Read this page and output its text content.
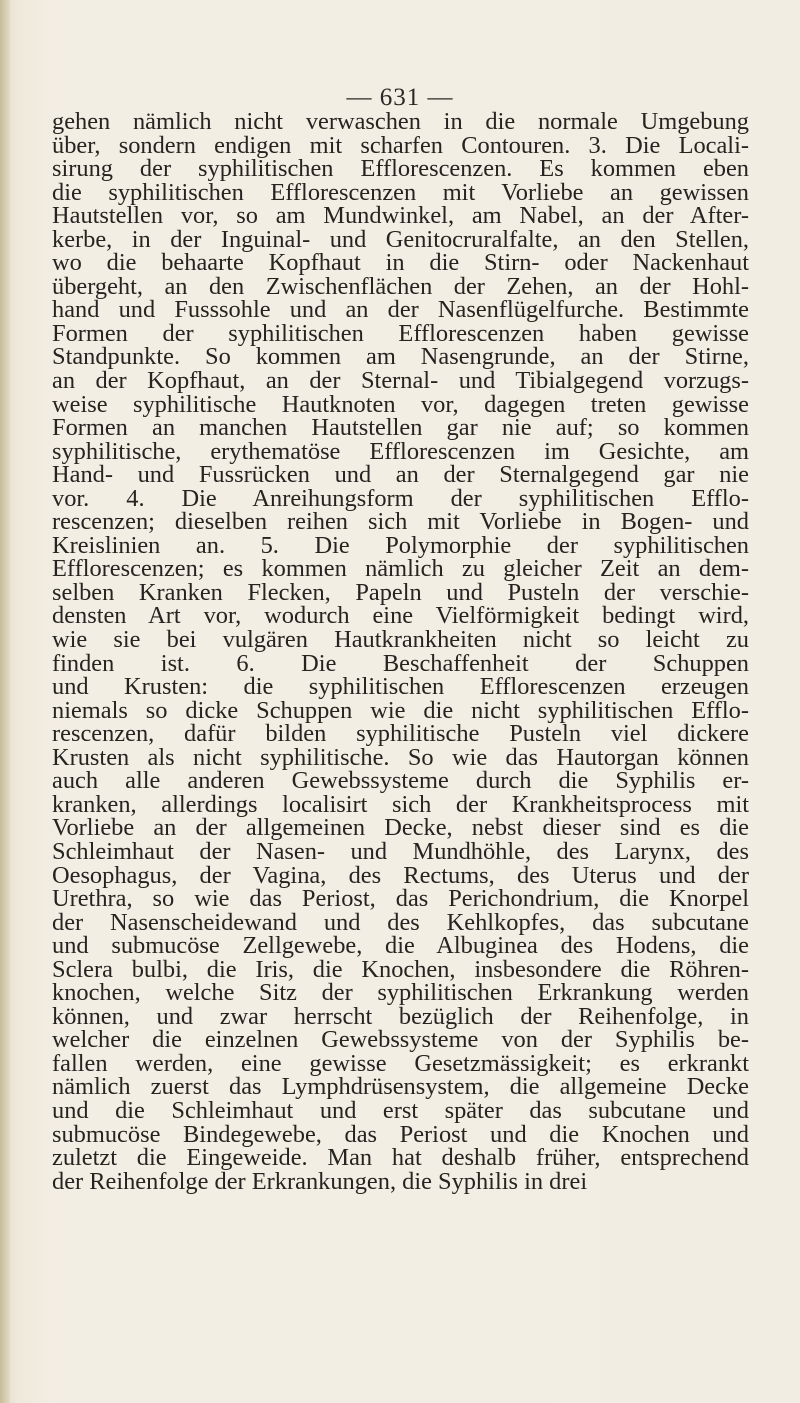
— 631 —
gehen nämlich nicht verwaschen in die normale Umgebung
über, sondern endigen mit scharfen Contouren. 3. Die Locali-
sirung der syphilitischen Efflorescenzen. Es kommen eben
die syphilitischen Efflorescenzen mit Vorliebe an gewissen
Hautstellen vor, so am Mundwinkel, am Nabel, an der After-
kerbe, in der Inguinal- und Genitocruralfalte, an den Stellen,
wo die behaarte Kopfhaut in die Stirn- oder Nackenhaut
übergeht, an den Zwischenflächen der Zehen, an der Hohl-
hand und Fusssohle und an der Nasenflügelfurche. Bestimmte
Formen der syphilitischen Efflorescenzen haben gewisse
Standpunkte. So kommen am Nasengrunde, an der Stirne,
an der Kopfhaut, an der Sternal- und Tibialgegend vorzugs-
weise syphilitische Hautknoten vor, dagegen treten gewisse
Formen an manchen Hautstellen gar nie auf; so kommen
syphilitische, erythematöse Efflorescenzen im Gesichte, am
Hand- und Fussrücken und an der Sternalgegend gar nie
vor. 4. Die Anreihungsform der syphilitischen Efflo-
rescenzen; dieselben reihen sich mit Vorliebe in Bogen- und
Kreislinien an. 5. Die Polymorphie der syphilitischen
Efflorescenzen; es kommen nämlich zu gleicher Zeit an dem-
selben Kranken Flecken, Papeln und Pusteln der verschie-
densten Art vor, wodurch eine Vielförmigkeit bedingt wird,
wie sie bei vulgären Hautkrankheiten nicht so leicht zu
finden ist. 6. Die Beschaffenheit der Schuppen
und Krusten: die syphilitischen Efflorescenzen erzeugen
niemals so dicke Schuppen wie die nicht syphilitischen Efflo-
rescenzen, dafür bilden syphilitische Pusteln viel dickere
Krusten als nicht syphilitische. So wie das Hautorgan können
auch alle anderen Gewebssysteme durch die Syphilis er-
kranken, allerdings localisirt sich der Krankheitsprocess mit
Vorliebe an der allgemeinen Decke, nebst dieser sind es die
Schleimhaut der Nasen- und Mundhöhle, des Larynx, des
Oesophagus, der Vagina, des Rectums, des Uterus und der
Urethra, so wie das Periost, das Perichondrium, die Knorpel
der Nasenscheidewand und des Kehlkopfes, das subcutane
und submucöse Zellgewebe, die Albuginea des Hodens, die
Sclera bulbi, die Iris, die Knochen, insbesondere die Röhren-
knochen, welche Sitz der syphilitischen Erkrankung werden
können, und zwar herrscht bezüglich der Reihenfolge, in
welcher die einzelnen Gewebssysteme von der Syphilis be-
fallen werden, eine gewisse Gesetzmässigkeit; es erkrankt
nämlich zuerst das Lymphdrüsensystem, die allgemeine Decke
und die Schleimhaut und erst später das subcutane und
submucöse Bindegewebe, das Periost und die Knochen und
zuletzt die Eingeweide. Man hat deshalb früher, entsprechend
der Reihenfolge der Erkrankungen, die Syphilis in drei
